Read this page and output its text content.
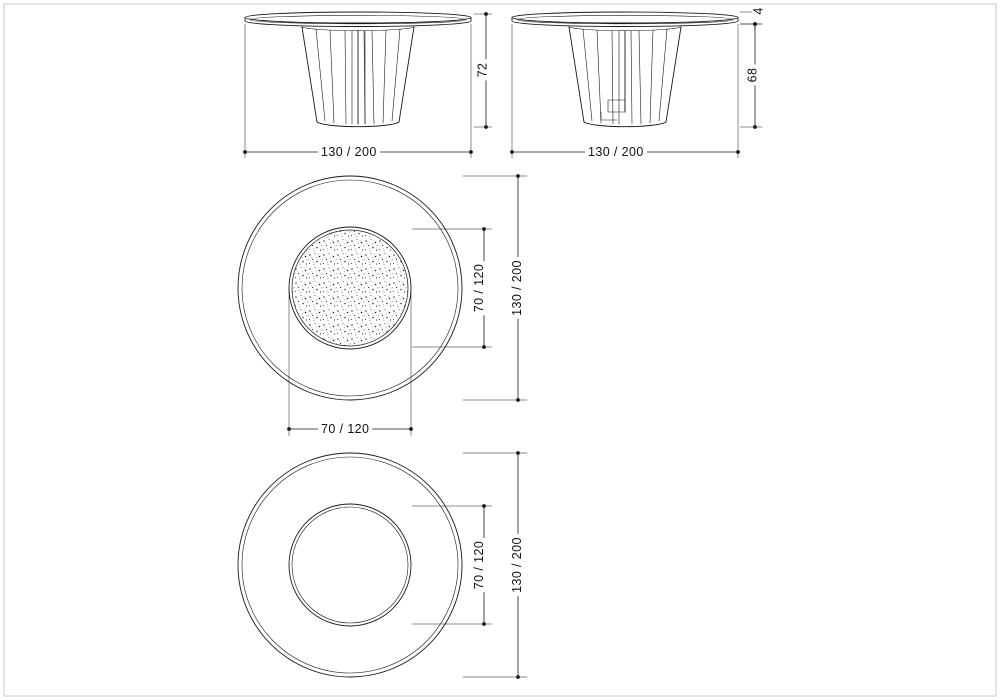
72
130 / 200
4
68
130 / 200
70 / 120 130 / 200
70 / 120
70 / 120 130 / 200
